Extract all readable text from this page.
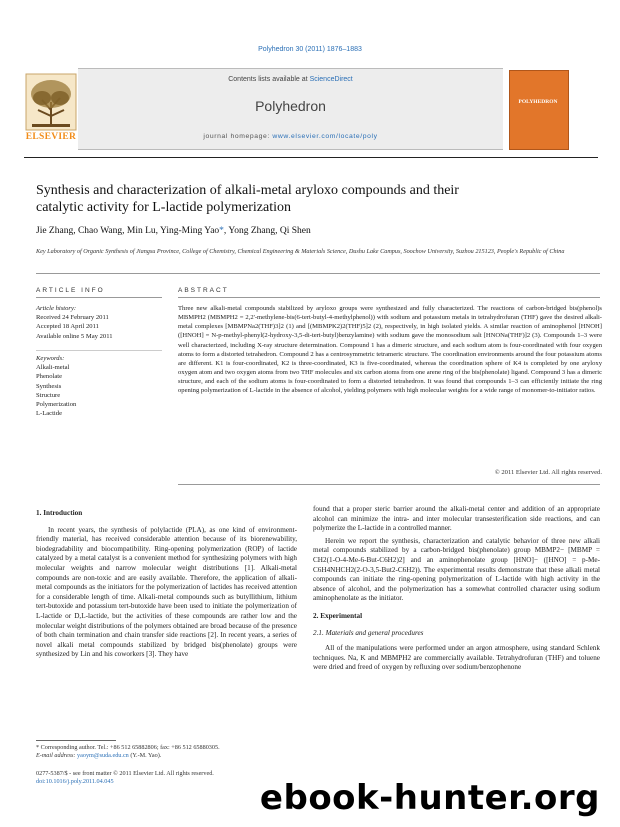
Polyhedron 30 (2011) 1876–1883
ELSEVIER
Contents lists available at ScienceDirect
Polyhedron
journal homepage: www.elsevier.com/locate/poly
POLYHEDRON
Synthesis and characterization of alkali-metal aryloxo compounds and their
catalytic activity for L-lactide polymerization
Jie Zhang, Chao Wang, Min Lu, Ying-Ming Yao*, Yong Zhang, Qi Shen
Key Laboratory of Organic Synthesis of Jiangsu Province, College of Chemistry, Chemical Engineering & Materials Science, Dushu Lake Campus, Soochow University, Suzhou 215123, People's Republic of China
ARTICLE INFO	ABSTRACT
Article history:
Received 24 February 2011
Accepted 18 April 2011
Available online 5 May 2011
Keywords:
Alkali-metal
Phenolate
Synthesis
Structure
Polymerization
L-Lactide
Three new alkali-metal compounds stabilized by aryloxo groups were synthesized and fully characterized. The reactions of carbon-bridged bis(phenol)s MBMPH2 (MBMPH2 = 2,2'-methylene-bis(6-tert-butyl-4-methylphenol)) with sodium and potassium metals in tetrahydrofuran (THF) gave the desired alkali-metal complexes [MBMPNa2(THF)3]2 (1) and [(MBMPK2)2(THF)5]2 (2), respectively, in high isolated yields. A similar reaction of aminophenol [HNOH] ([HNOH] = N-p-methyl-phenyl(2-hydroxy-3,5-di-tert-butyl)benzylamine) with sodium gave the monosodium salt [HNONa(THF)]2 (3). Compounds 1–3 were well characterized, including X-ray structure determination. Compound 1 has a dimeric structure, and each sodium atom is four-coordinated with four oxygen atoms to form a distorted tetrahedron. Compound 2 has a centrosymmetric tetrameric structure. The coordination environments around the four potassium atoms are different. K1 is four-coordinated, K2 is three-coordinated, K3 is five-coordinated, whereas the coordination sphere of K4 is completed by one aryloxy oxygen atom and two oxygen atoms from two THF molecules and six carbon atoms from one arene ring of the bis(phenolate) ligand. Compound 3 has a dimeric structure, and each of the sodium atoms is four-coordinated to form a distorted tetrahedron. It was found that compounds 1–3 can efficiently initiate the ring opening polymerization of L-lactide in the absence of alcohol, yielding polymers with high molecular weights for a wide range of monomer-to-initiator ratios.
© 2011 Elsevier Ltd. All rights reserved.
1. Introduction

In recent years, the synthesis of polylactide (PLA), as one kind of environment-friendly material, has received considerable attention because of its biorenewability, biodegradability and biocompatibility. Ring-opening polymerization (ROP) of lactide catalyzed by a metal catalyst is a convenient method for synthesizing polymers with high molecular weights and narrow molecular weight distributions [1]. Alkali-metal compounds are non-toxic and are easily available. Therefore, the application of alkali-metal compounds as the initiators for the polymerization of lactides has received attention for a considerable length of time. Alkali-metal compounds such as butyllithium, lithium tert-butoxide and potassium tert-butoxide have been used to initiate the polymerization of L-lactide or D,L-lactide, but the activities of these compounds are rather low and the molecular weight distributions of the polymers obtained are broad because of the presence of both chain termination and chain transfer side reactions [2]. In recent years, a series of novel alkali metal compounds stabilized by bridged bis(phenolate) groups were synthesized by Lin and his coworkers [3]. They have

found that a proper steric barrier around the alkali-metal center and addition of an appropriate alcohol can minimize the intra- and inter molecular transesterification side reactions, and can polymerize the L-lactide in a controlled manner.

Herein we report the synthesis, characterization and catalytic behavior of three new alkali metal compounds stabilized by a carbon-bridged bis(phenolate) group MBMP2− [MBMP = CH2(1-O-4-Me-6-But-C6H2)2] and an aminophenolate group [HNO]− ([HNO] = p-Me-C6H4NHCH2(2-O-3,5-But2-C6H2)). The experimental results demonstrate that these alkali metal compounds can initiate the ring-opening polymerization of L-lactide with high activity in the absence of alcohol, and the polymerization has a somewhat controlled character using sodium aminophenolate as the initiator.

2. Experimental
2.1. Materials and general procedures

All of the manipulations were performed under an argon atmosphere, using standard Schlenk techniques. Na, K and MBMPH2 are commercially available. Tetrahydrofuran (THF) and toluene were dried and freed of oxygen by refluxing over sodium/benzophenone

* Corresponding author. Tel.: +86 512 65882806; fax: +86 512 65880305.
E-mail address: yaoym@suda.edu.cn (Y.-M. Yao).
0277-5387/$ - see front matter © 2011 Elsevier Ltd. All rights reserved.
doi:10.1016/j.poly.2011.04.045	ebook-hunter.org
